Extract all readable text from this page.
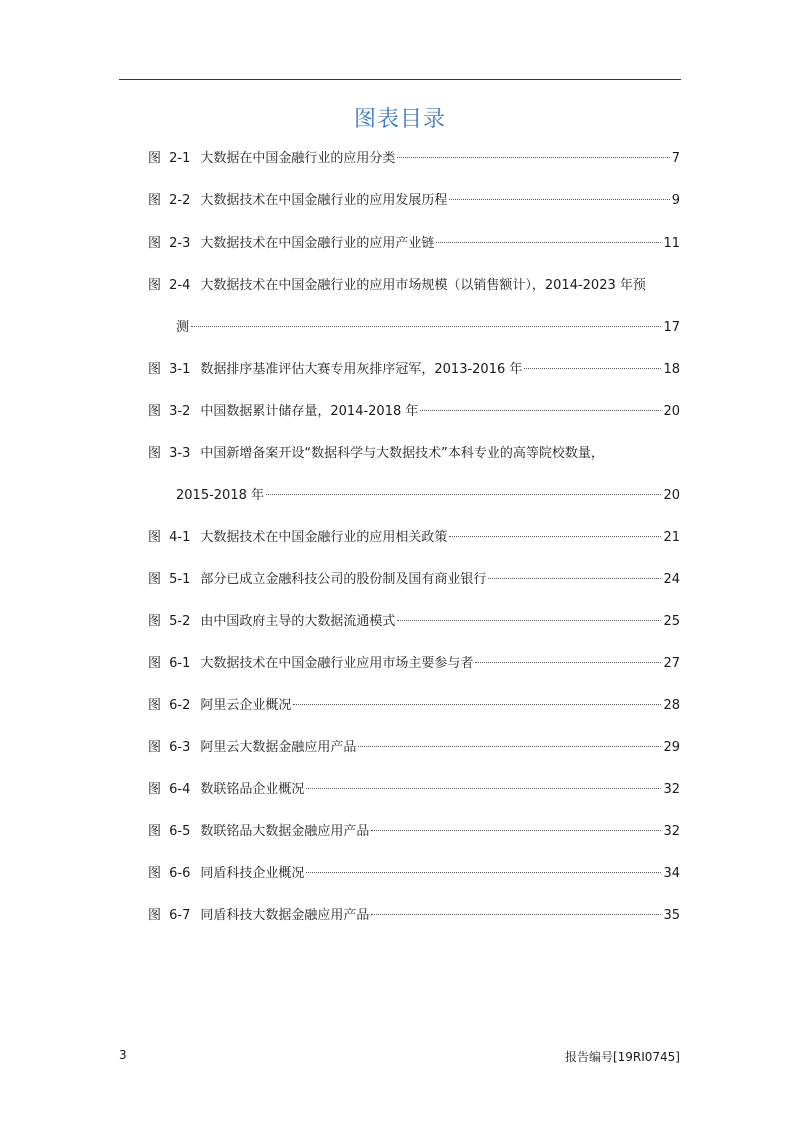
图表目录
图 2-1 大数据在中国金融行业的应用分类	7
图 2-2 大数据技术在中国金融行业的应用发展历程	9
图 2-3 大数据技术在中国金融行业的应用产业链	11
图 2-4 大数据技术在中国金融行业的应用市场规模（以销售额计），2014-2023 年预
测	17
图 3-1 数据排序基准评估大赛专用灰排序冠军，2013-2016 年	18
图 3-2 中国数据累计储存量，2014-2018 年	20
图 3-3 中国新增备案开设“数据科学与大数据技术”本科专业的高等院校数量，
2015-2018 年	20
图 4-1 大数据技术在中国金融行业的应用相关政策	21
图 5-1 部分已成立金融科技公司的股份制及国有商业银行	24
图 5-2 由中国政府主导的大数据流通模式	25
图 6-1 大数据技术在中国金融行业应用市场主要参与者	27
图 6-2 阿里云企业概况	28
图 6-3 阿里云大数据金融应用产品	29
图 6-4 数联铭品企业概况	32
图 6-5 数联铭品大数据金融应用产品	32
图 6-6 同盾科技企业概况	34
图 6-7 同盾科技大数据金融应用产品	35
3	报告编号[19RI0745]
